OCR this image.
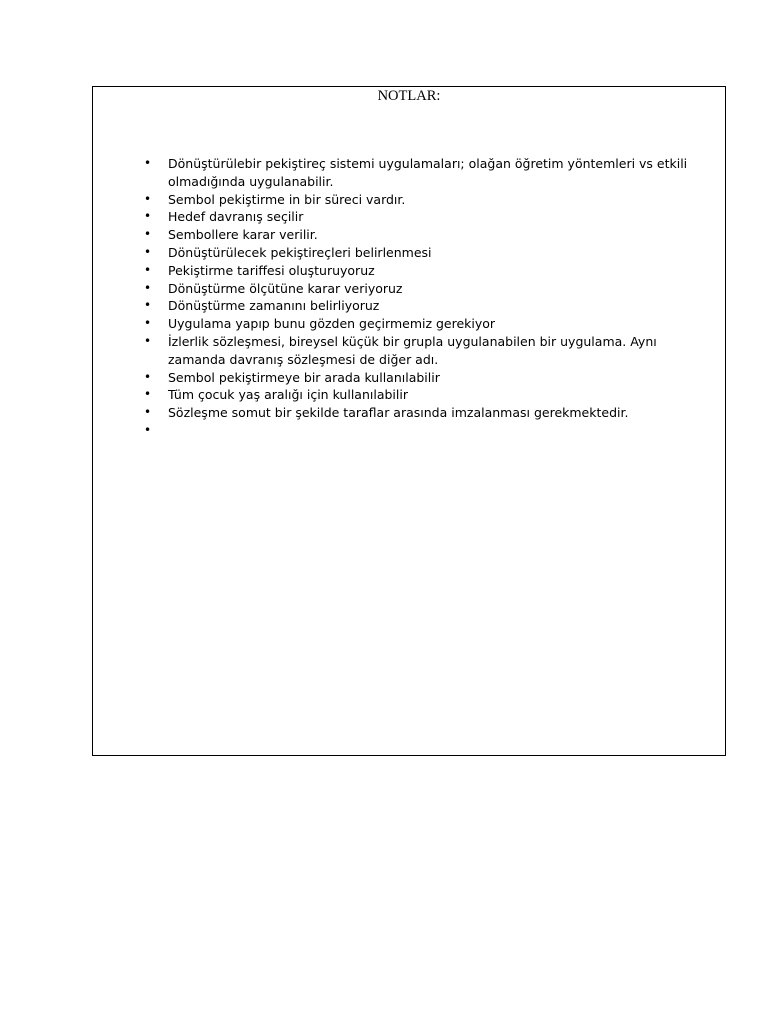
NOTLAR:
• Dönüştürülebir pekiştireç sistemi uygulamaları; olağan öğretim yöntemleri vs etkili olmadığında uygulanabilir.
• Sembol pekiştirme in bir süreci vardır.
• Hedef davranış seçilir
• Sembollere karar verilir.
• Dönüştürülecek pekiştireçleri belirlenmesi
• Pekiştirme tariffesi oluşturuyoruz
• Dönüştürme ölçütüne karar veriyoruz
• Dönüştürme zamanını belirliyoruz
• Uygulama yapıp bunu gözden geçirmemiz gerekiyor
• İzlerlik sözleşmesi, bireysel küçük bir grupla uygulanabilen bir uygulama. Aynı zamanda davranış sözleşmesi de diğer adı.
• Sembol pekiştirmeye bir arada kullanılabilir
• Tüm çocuk yaş aralığı için kullanılabilir
• Sözleşme somut bir şekilde taraflar arasında imzalanması gerekmektedir.
•
